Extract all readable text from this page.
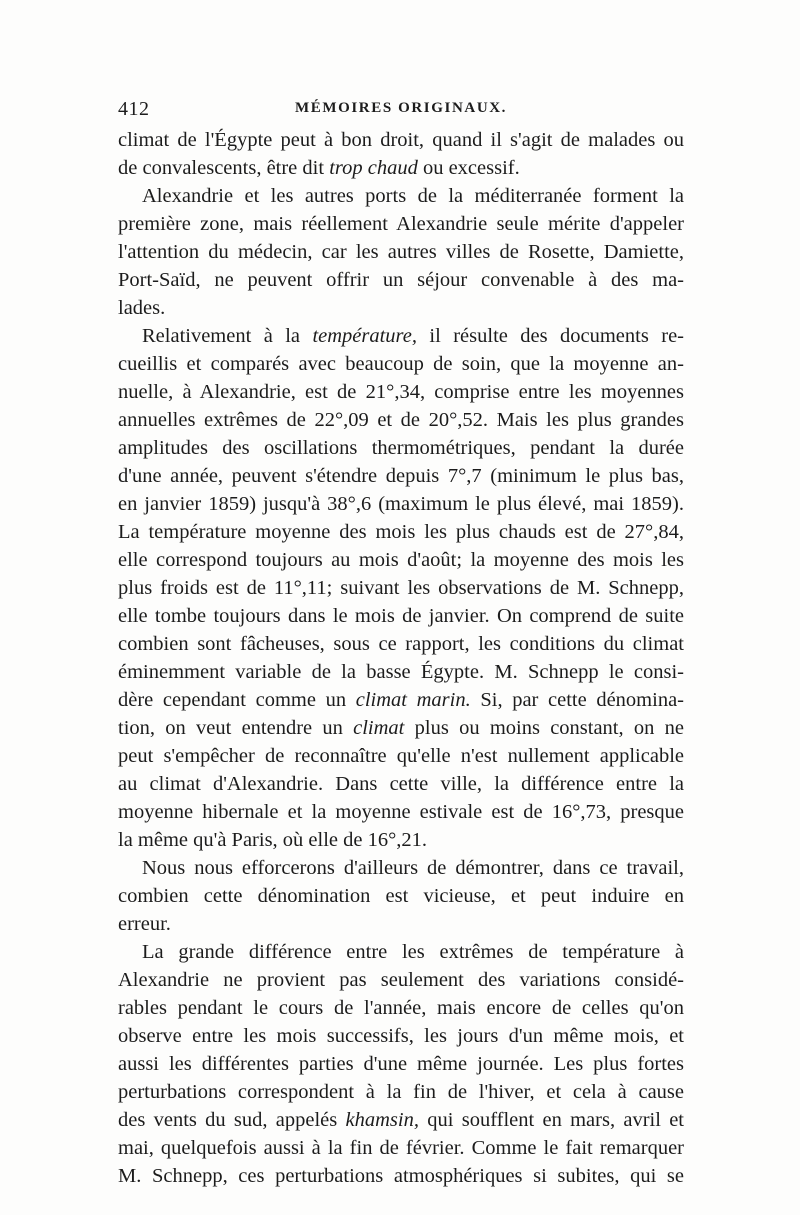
412	MÉMOIRES ORIGINAUX.
climat de l'Égypte peut à bon droit, quand il s'agit de malades ou
de convalescents, être dit trop chaud ou excessif.
Alexandrie et les autres ports de la méditerranée forment la
première zone, mais réellement Alexandrie seule mérite d'appeler
l'attention du médecin, car les autres villes de Rosette, Damiette,
Port-Saïd, ne peuvent offrir un séjour convenable à des ma-
lades.
Relativement à la température, il résulte des documents re-
cueillis et comparés avec beaucoup de soin, que la moyenne an-
nuelle, à Alexandrie, est de 21°,34, comprise entre les moyennes
annuelles extrêmes de 22°,09 et de 20°,52. Mais les plus grandes
amplitudes des oscillations thermométriques, pendant la durée
d'une année, peuvent s'étendre depuis 7°,7 (minimum le plus bas,
en janvier 1859) jusqu'à 38°,6 (maximum le plus élevé, mai 1859).
La température moyenne des mois les plus chauds est de 27°,84,
elle correspond toujours au mois d'août; la moyenne des mois les
plus froids est de 11°,11; suivant les observations de M. Schnepp,
elle tombe toujours dans le mois de janvier. On comprend de suite
combien sont fâcheuses, sous ce rapport, les conditions du climat
éminemment variable de la basse Égypte. M. Schnepp le consi-
dère cependant comme un climat marin. Si, par cette dénomina-
tion, on veut entendre un climat plus ou moins constant, on ne
peut s'empêcher de reconnaître qu'elle n'est nullement applicable
au climat d'Alexandrie. Dans cette ville, la différence entre la
moyenne hibernale et la moyenne estivale est de 16°,73, presque
la même qu'à Paris, où elle de 16°,21.
Nous nous efforcerons d'ailleurs de démontrer, dans ce travail,
combien cette dénomination est vicieuse, et peut induire en
erreur.
La grande différence entre les extrêmes de température à
Alexandrie ne provient pas seulement des variations considé-
rables pendant le cours de l'année, mais encore de celles qu'on
observe entre les mois successifs, les jours d'un même mois, et
aussi les différentes parties d'une même journée. Les plus fortes
perturbations correspondent à la fin de l'hiver, et cela à cause
des vents du sud, appelés khamsin, qui soufflent en mars, avril et
mai, quelquefois aussi à la fin de février. Comme le fait remarquer
M. Schnepp, ces perturbations atmosphériques si subites, qui se
